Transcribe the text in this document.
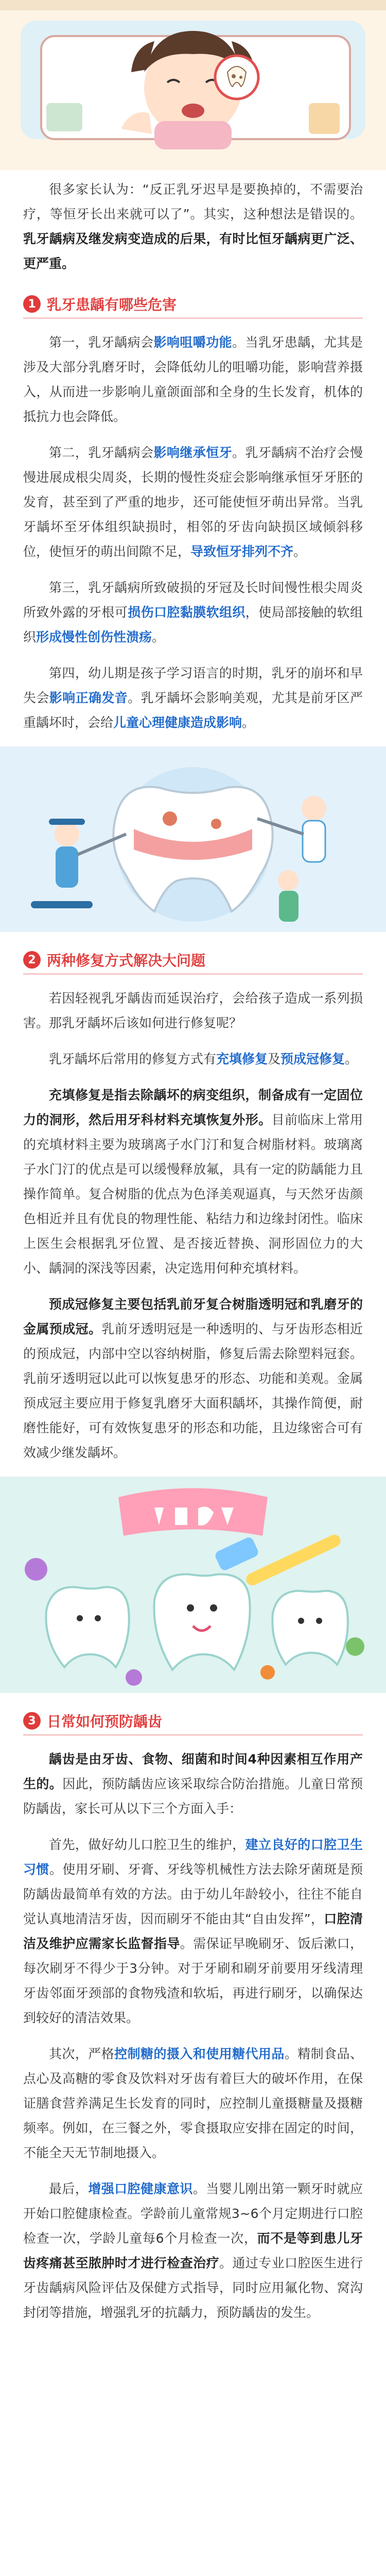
很多家长认为：“反正乳牙迟早是要换掉的，不需要治疗，等恒牙长出来就可以了”。其实，这种想法是错误的。乳牙龋病及继发病变造成的后果，有时比恒牙龋病更广泛、更严重。

1 乳牙患龋有哪些危害

第一，乳牙龋病会影响咀嚼功能。当乳牙患龋，尤其是涉及大部分乳磨牙时，会降低幼儿的咀嚼功能，影响营养摄入，从而进一步影响儿童颌面部和全身的生长发育，机体的抵抗力也会降低。

第二，乳牙龋病会影响继承恒牙。乳牙龋病不治疗会慢慢进展成根尖周炎，长期的慢性炎症会影响继承恒牙牙胚的发育，甚至到了严重的地步，还可能使恒牙萌出异常。当乳牙龋坏至牙体组织缺损时，相邻的牙齿向缺损区域倾斜移位，使恒牙的萌出间隙不足，导致恒牙排列不齐。

第三，乳牙龋病所致破损的牙冠及长时间慢性根尖周炎所致外露的牙根可损伤口腔黏膜软组织，使局部接触的软组织形成慢性创伤性溃疡。

第四，幼儿期是孩子学习语言的时期，乳牙的崩坏和早失会影响正确发音。乳牙龋坏会影响美观，尤其是前牙区严重龋坏时，会给儿童心理健康造成影响。

2 两种修复方式解决大问题

若因轻视乳牙龋齿而延误治疗，会给孩子造成一系列损害。那乳牙龋坏后该如何进行修复呢？

乳牙龋坏后常用的修复方式有充填修复及预成冠修复。

充填修复是指去除龋坏的病变组织，制备成有一定固位力的洞形，然后用牙科材料充填恢复外形。目前临床上常用的充填材料主要为玻璃离子水门汀和复合树脂材料。玻璃离子水门汀的优点是可以缓慢释放氟，具有一定的防龋能力且操作简单。复合树脂的优点为色泽美观逼真，与天然牙齿颜色相近并且有优良的物理性能、粘结力和边缘封闭性。临床上医生会根据乳牙位置、是否接近替换、洞形固位力的大小、龋洞的深浅等因素，决定选用何种充填材料。

预成冠修复主要包括乳前牙复合树脂透明冠和乳磨牙的金属预成冠。乳前牙透明冠是一种透明的、与牙齿形态相近的预成冠，内部中空以容纳树脂，修复后需去除塑料冠套。乳前牙透明冠以此可以恢复患牙的形态、功能和美观。金属预成冠主要应用于修复乳磨牙大面积龋坏，其操作简便，耐磨性能好，可有效恢复患牙的形态和功能，且边缘密合可有效减少继发龋坏。

3 日常如何预防龋齿

龋齿是由牙齿、食物、细菌和时间4种因素相互作用产生的。因此，预防龋齿应该采取综合防治措施。儿童日常预防龋齿，家长可从以下三个方面入手：

首先，做好幼儿口腔卫生的维护，建立良好的口腔卫生习惯。使用牙刷、牙膏、牙线等机械性方法去除牙菌斑是预防龋齿最简单有效的方法。由于幼儿年龄较小，往往不能自觉认真地清洁牙齿，因而刷牙不能由其“自由发挥”，口腔清洁及维护应需家长监督指导。需保证早晚刷牙、饭后漱口，每次刷牙不得少于3分钟。对于牙刷和刷牙前要用牙线清理牙齿邻面牙颈部的食物残渣和软垢，再进行刷牙，以确保达到较好的清洁效果。

其次，严格控制糖的摄入和使用糖代用品。精制食品、点心及高糖的零食及饮料对牙齿有着巨大的破坏作用，在保证膳食营养满足生长发育的同时，应控制儿童摄糖量及摄糖频率。例如，在三餐之外，零食摄取应安排在固定的时间，不能全天无节制地摄入。

最后，增强口腔健康意识。当婴儿刚出第一颗牙时就应开始口腔健康检查。学龄前儿童常规3~6个月定期进行口腔检查一次，学龄儿童每6个月检查一次，而不是等到患儿牙齿疼痛甚至脓肿时才进行检查治疗。通过专业口腔医生进行牙齿龋病风险评估及保健方式指导，同时应用氟化物、窝沟封闭等措施，增强乳牙的抗龋力，预防龋齿的发生。
